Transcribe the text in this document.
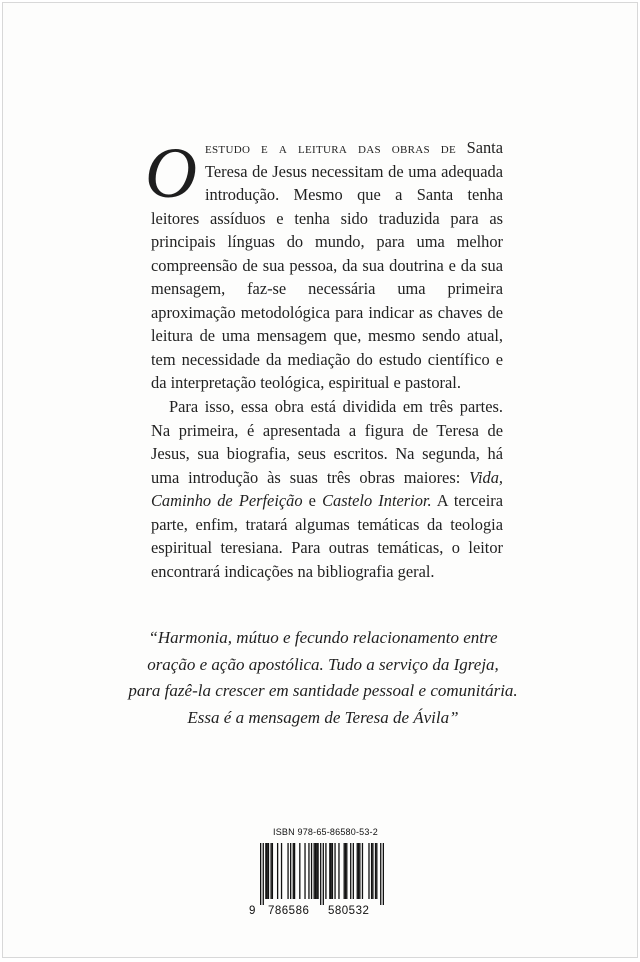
Oestudo e a leitura das obras de Santa Teresa de Jesus necessitam de uma adequada introdução. Mesmo que a Santa tenha leitores assíduos e tenha sido traduzida para as principais línguas do mundo, para uma melhor compreensão de sua pessoa, da sua doutrina e da sua mensagem, faz-se necessária uma primeira aproximação metodológica para indicar as chaves de leitura de uma mensagem que, mesmo sendo atual, tem necessidade da mediação do estudo científico e da interpretação teológica, espiritual e pastoral.

Para isso, essa obra está dividida em três partes. Na primeira, é apresentada a figura de Teresa de Jesus, sua biografia, seus escritos. Na segunda, há uma introdução às suas três obras maiores: Vida, Caminho de Perfeição e Castelo Interior. A terceira parte, enfim, tratará algumas temáticas da teologia espiritual teresiana. Para outras temáticas, o leitor encontrará indicações na bibliografia geral.

“Harmonia, mútuo e fecundo relacionamento entre
oração e ação apostólica. Tudo a serviço da Igreja,
para fazê-la crescer em santidade pessoal e comunitária.
Essa é a mensagem de Teresa de Ávila”
ISBN 978-65-86580-53-2
9 786586 580532
